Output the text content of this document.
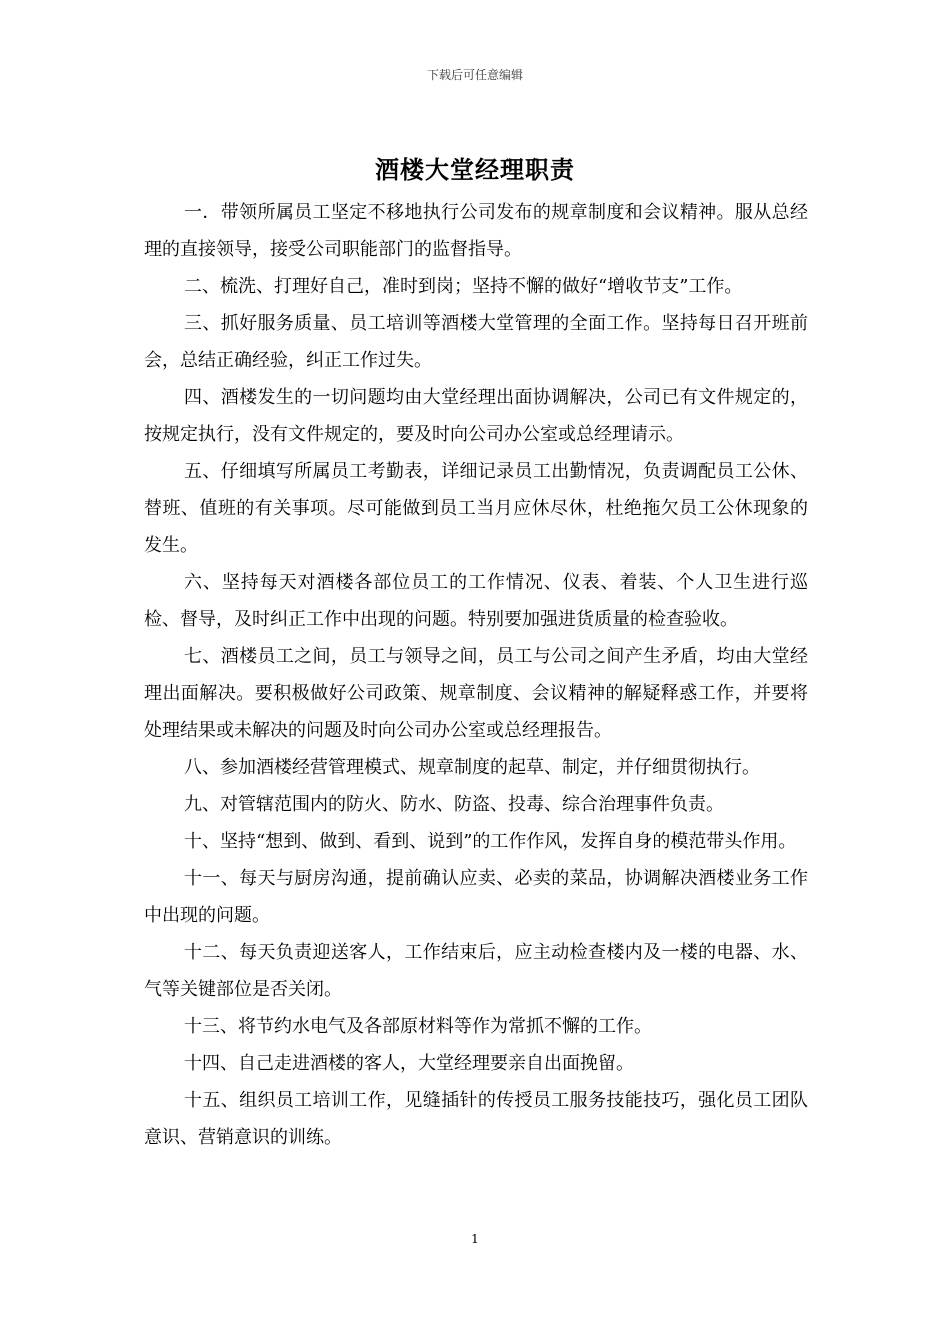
下载后可任意编辑
酒楼大堂经理职责

一．带领所属员工坚定不移地执行公司发布的规章制度和会议精神。服从总经理的直接领导，接受公司职能部门的监督指导。

二、梳洗、打理好自己，准时到岗；坚持不懈的做好“增收节支”工作。

三、抓好服务质量、员工培训等酒楼大堂管理的全面工作。坚持每日召开班前会，总结正确经验，纠正工作过失。

四、酒楼发生的一切问题均由大堂经理出面协调解决，公司已有文件规定的，按规定执行，没有文件规定的，要及时向公司办公室或总经理请示。

五、仔细填写所属员工考勤表，详细记录员工出勤情况，负责调配员工公休、替班、值班的有关事项。尽可能做到员工当月应休尽休，杜绝拖欠员工公休现象的发生。

六、坚持每天对酒楼各部位员工的工作情况、仪表、着装、个人卫生进行巡检、督导，及时纠正工作中出现的问题。特别要加强进货质量的检查验收。

七、酒楼员工之间，员工与领导之间，员工与公司之间产生矛盾，均由大堂经理出面解决。要积极做好公司政策、规章制度、会议精神的解疑释惑工作，并要将处理结果或未解决的问题及时向公司办公室或总经理报告。

八、参加酒楼经营管理模式、规章制度的起草、制定，并仔细贯彻执行。

九、对管辖范围内的防火、防水、防盗、投毒、综合治理事件负责。

十、坚持“想到、做到、看到、说到”的工作作风，发挥自身的模范带头作用。

十一、每天与厨房沟通，提前确认应卖、必卖的菜品，协调解决酒楼业务工作中出现的问题。

十二、每天负责迎送客人，工作结束后，应主动检查楼内及一楼的电器、水、气等关键部位是否关闭。

十三、将节约水电气及各部原材料等作为常抓不懈的工作。

十四、自己走进酒楼的客人，大堂经理要亲自出面挽留。

十五、组织员工培训工作，见缝插针的传授员工服务技能技巧，强化员工团队意识、营销意识的训练。

1
